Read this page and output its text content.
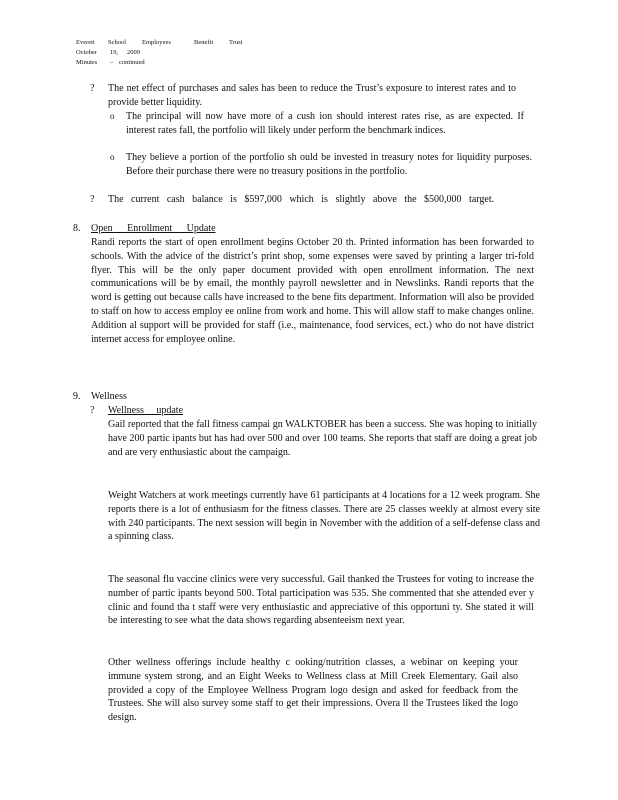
Everett School Employees	Benefit Trust
October 19, 2009
Minutes – continued
? The net effect of purchases and sales has been to reduce the Trust’s exposure to interest rates and to provide better liquidity.

o The principal will now have more of a cush ion should interest rates rise, as are expected. If interest rates fall, the portfolio will likely under perform the benchmark indices.

o They believe a portion of the portfolio sh ould be invested in treasury notes for liquidity purposes. Before their purchase there were no treasury positions in the portfolio.

? The current cash balance is $597,000 which is slightly above the $500,000 target.

8. Open Enrollment Update

Randi reports the start of open enrollment begins October 20 th. Printed information has been forwarded to schools. With the advice of the district’s print shop, some expenses were saved by printing a larger tri-fold flyer. This will be the only paper document provided with open enrollment information. The next communications will be by email, the monthly payroll newsletter and in Newslinks. Randi reports that the word is getting out because calls have increased to the bene fits department. Information will also be provided to staff on how to access employ ee online from work and home. This will allow staff to make changes online. Addition al support will be provided for staff (i.e., maintenance, food services, ect.) who do not have district internet access for employee online.

9. Wellness
? Wellness update

Gail reported that the fall fitness campai gn WALKTOBER has been a success. She was hoping to initially have 200 partic ipants but has had over 500 and over 100 teams. She reports that staff are doing a great job and are very enthusiastic about the campaign.

Weight Watchers at work meetings currently have 61 participants at 4 locations for a 12 week program. She reports there is a lot of enthusiasm for the fitness classes. There are 25 classes weekly at almost every site with 240 participants. The next session will begin in November with the addition of a self-defense class and a spinning class.

The seasonal flu vaccine clinics were very successful. Gail thanked the Trustees for voting to increase the number of partic ipants beyond 500. Total participation was 535. She commented that she attended ever y clinic and found tha t staff were very enthusiastic and appreciative of this opportuni ty. She stated it will be interesting to see what the data shows regarding absenteeism next year.

Other wellness offerings include healthy c ooking/nutrition classes, a webinar on keeping your immune system strong, and an Eight Weeks to Wellness class at Mill Creek Elementary. Gail also provided a copy of the Employee Wellness Program logo design and asked for feedback from the Trustees. She will also survey some staff to get their impressions. Overa ll the Trustees liked the logo design.
